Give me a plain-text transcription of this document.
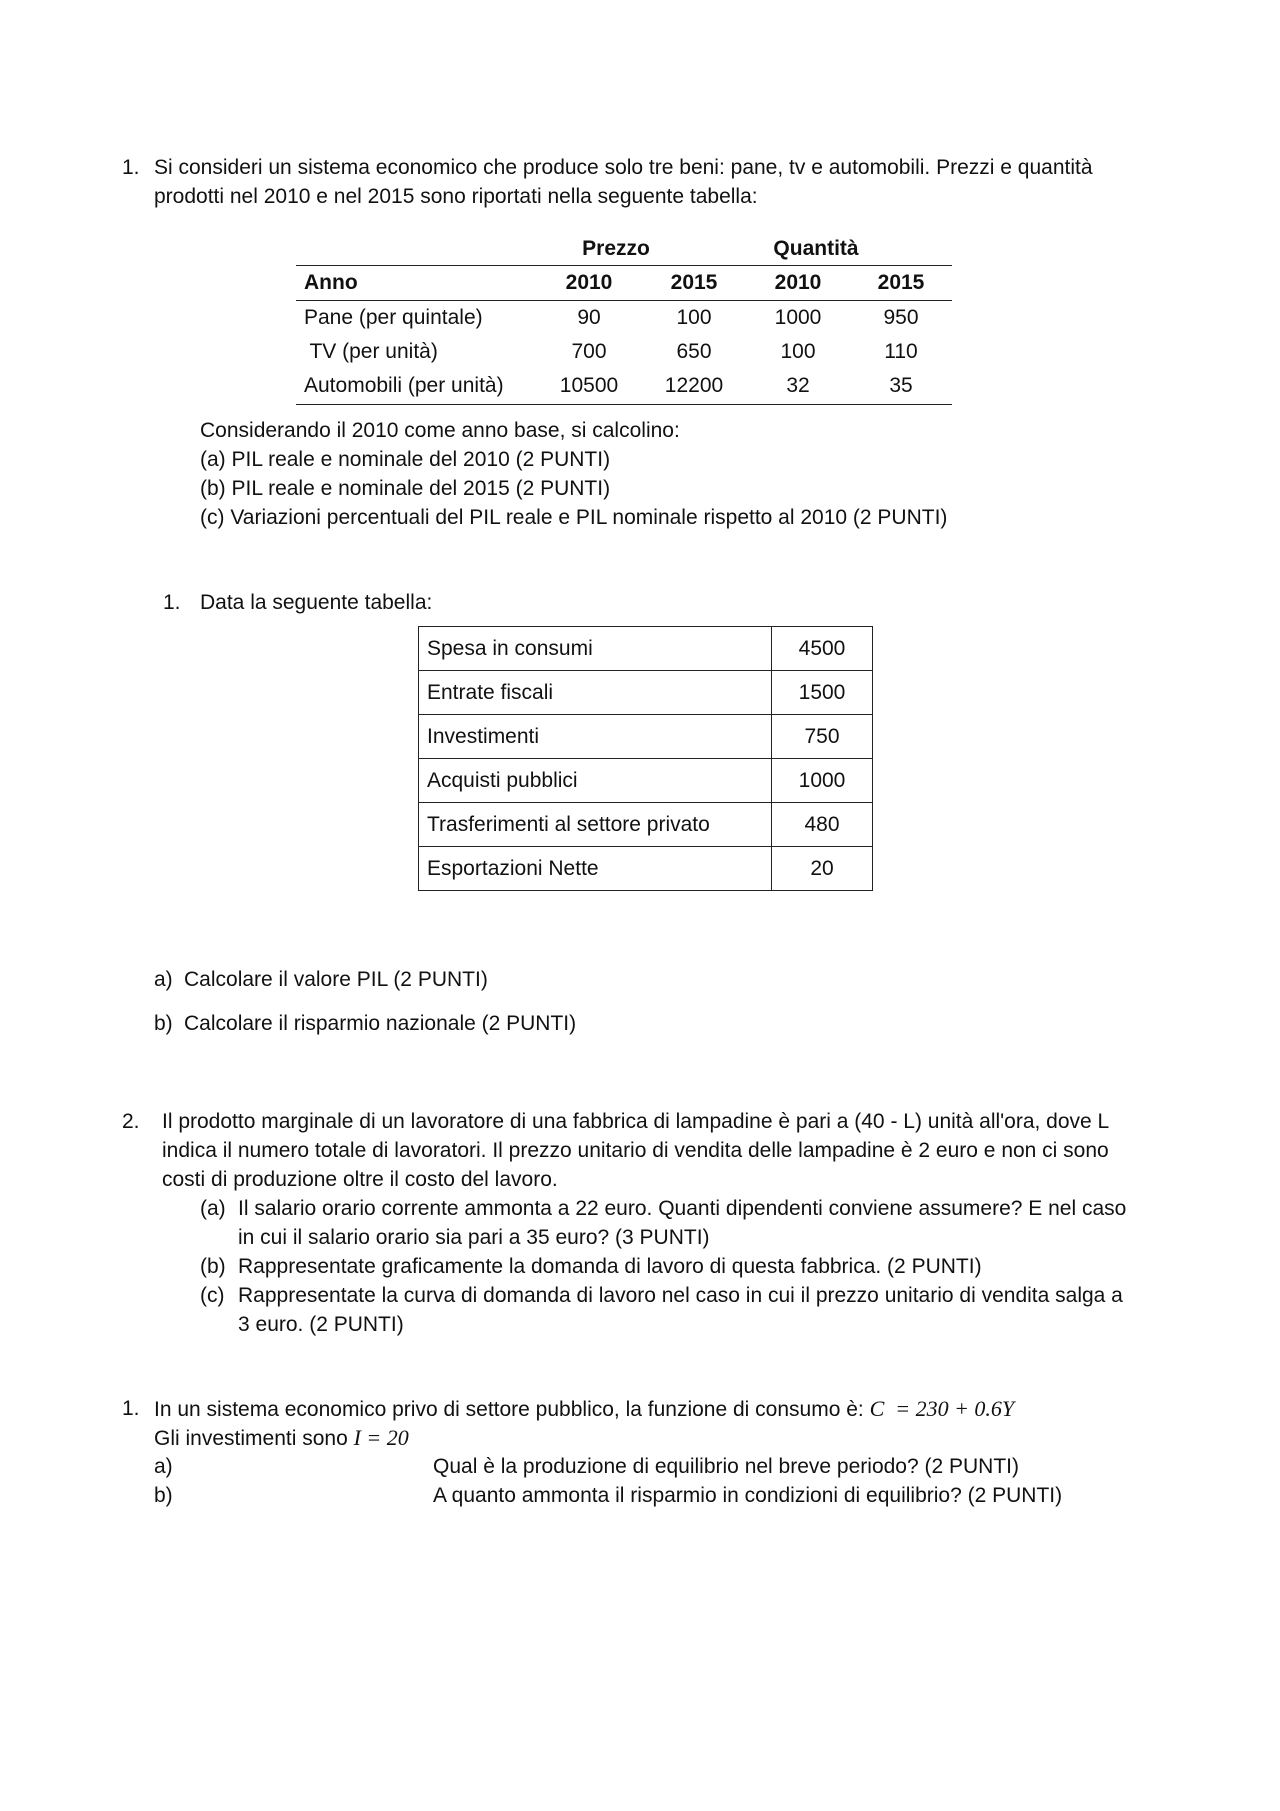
1. Si consideri un sistema economico che produce solo tre beni: pane, tv e automobili. Prezzi e quantità
prodotti nel 2010 e nel 2015 sono riportati nella seguente tabella:
Prezzo	Quantità
Anno	2010	2015	2010	2015
Pane (per quintale)	90	100	1000	950
TV (per unità)	700	650	100	110
Automobili (per unità)	10500	12200	32	35
Considerando il 2010 come anno base, si calcolino:
(a) PIL reale e nominale del 2010 (2 PUNTI)
(b) PIL reale e nominale del 2015 (2 PUNTI)
(c) Variazioni percentuali del PIL reale e PIL nominale rispetto al 2010 (2 PUNTI)
1. Data la seguente tabella:
Spesa in consumi	4500
Entrate fiscali	1500
Investimenti	750
Acquisti pubblici	1000
Trasferimenti al settore privato	480
Esportazioni Nette	20
a) Calcolare il valore PIL (2 PUNTI)
b) Calcolare il risparmio nazionale (2 PUNTI)
2. Il prodotto marginale di un lavoratore di una fabbrica di lampadine è pari a (40 - L) unità all'ora, dove L
indica il numero totale di lavoratori. Il prezzo unitario di vendita delle lampadine è 2 euro e non ci sono
costi di produzione oltre il costo del lavoro.
(a) Il salario orario corrente ammonta a 22 euro. Quanti dipendenti conviene assumere? E nel caso
in cui il salario orario sia pari a 35 euro? (3 PUNTI)
(b) Rappresentate graficamente la domanda di lavoro di questa fabbrica. (2 PUNTI)
(c) Rappresentate la curva di domanda di lavoro nel caso in cui il prezzo unitario di vendita salga a
3 euro. (2 PUNTI)
1. In un sistema economico privo di settore pubblico, la funzione di consumo è: C  = 230 + 0.6Y
Gli investimenti sono I = 20
a)	Qual è la produzione di equilibrio nel breve periodo? (2 PUNTI)
b)	A quanto ammonta il risparmio in condizioni di equilibrio? (2 PUNTI)
